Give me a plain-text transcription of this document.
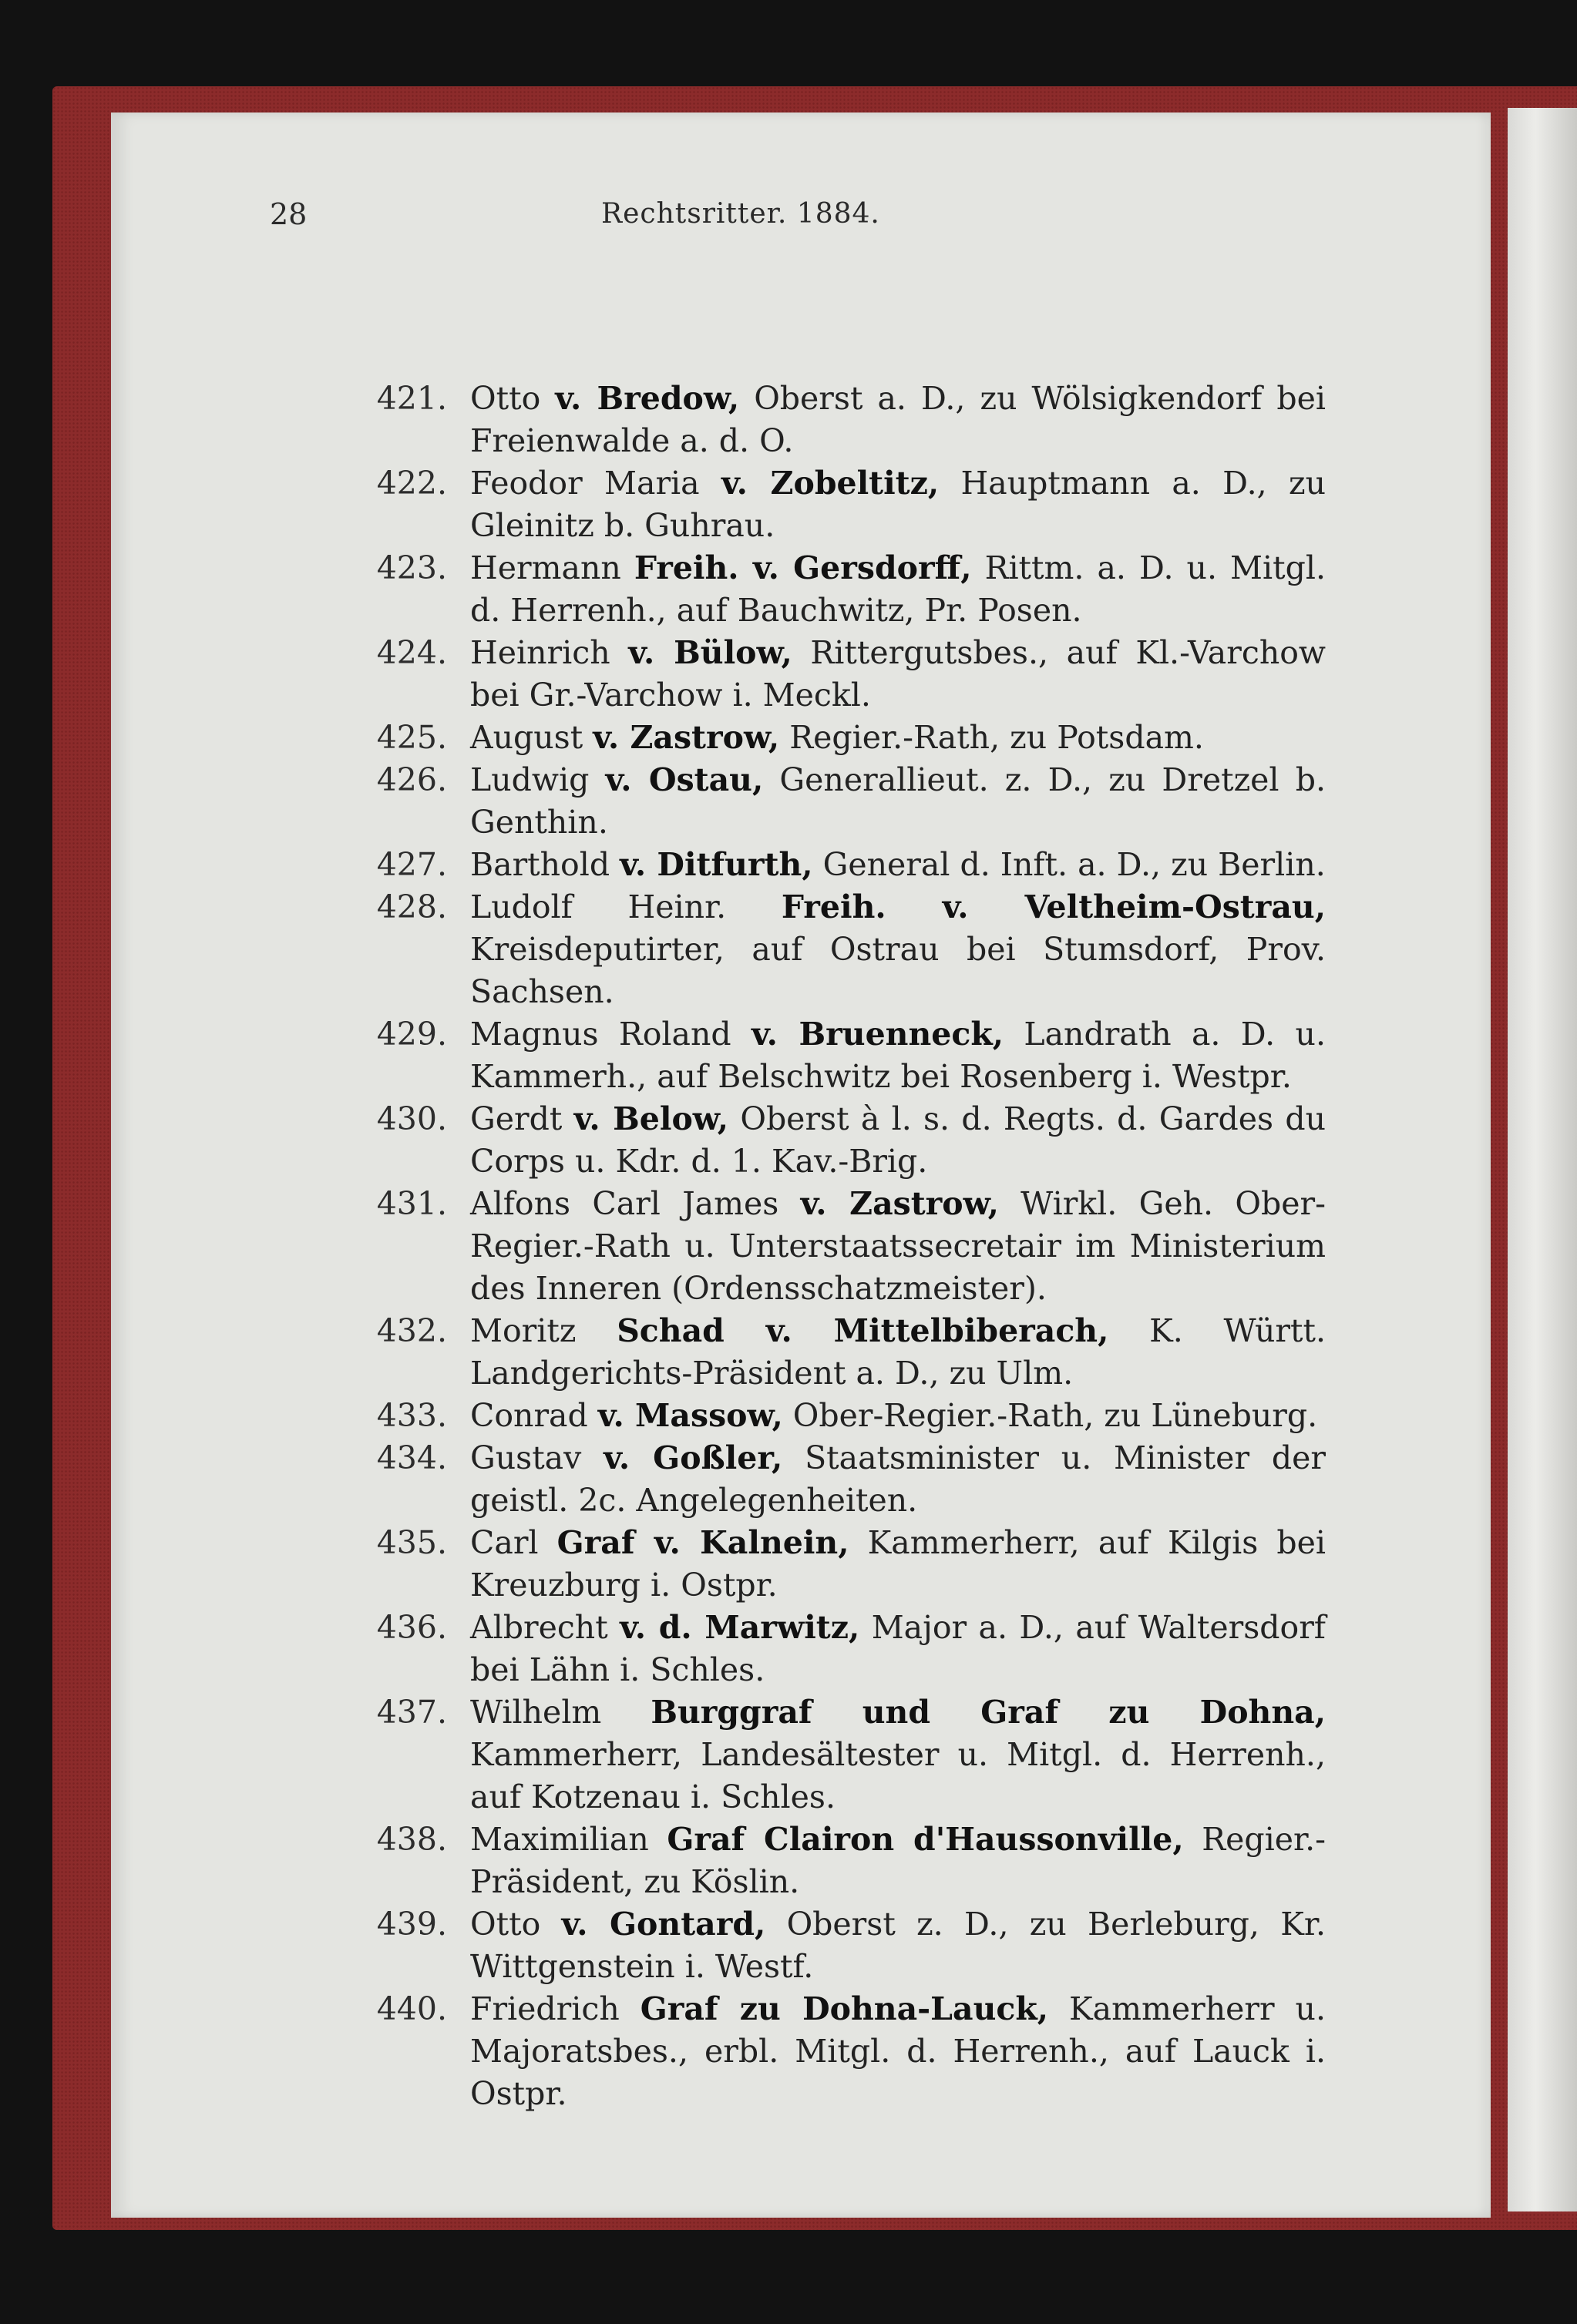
28	Rechtsritter. 1884.
421. Otto v. Bredow, Oberst a. D., zu Wölsigkendorf bei Freienwalde a. d. O.
422. Feodor Maria v. Zobeltitz, Hauptmann a. D., zu Gleinitz b. Guhrau.
423. Hermann Freih. v. Gersdorff, Rittm. a. D. u. Mitgl. d. Herrenh., auf Bauchwitz, Pr. Posen.
424. Heinrich v. Bülow, Rittergutsbes., auf Kl.-Varchow bei Gr.-Varchow i. Meckl.
425. August v. Zastrow, Regier.-Rath, zu Potsdam.
426. Ludwig v. Ostau, Generallieut. z. D., zu Dretzel b. Genthin.
427. Barthold v. Ditfurth, General d. Inft. a. D., zu Berlin.
428. Ludolf Heinr. Freih. v. Veltheim-Ostrau, Kreisdeputirter, auf Ostrau bei Stumsdorf, Prov. Sachsen.
429. Magnus Roland v. Bruenneck, Landrath a. D. u. Kammerh., auf Belschwitz bei Rosenberg i. Westpr.
430. Gerdt v. Below, Oberst à l. s. d. Regts. d. Gardes du Corps u. Kdr. d. 1. Kav.-Brig.
431. Alfons Carl James v. Zastrow, Wirkl. Geh. Ober-Regier.-Rath u. Unterstaatssecretair im Ministerium des Inneren (Ordensschatzmeister).
432. Moritz Schad v. Mittelbiberach, K. Württ. Landgerichts-Präsident a. D., zu Ulm.
433. Conrad v. Massow, Ober-Regier.-Rath, zu Lüneburg.
434. Gustav v. Goßler, Staatsminister u. Minister der geistl. 2c. Angelegenheiten.
435. Carl Graf v. Kalnein, Kammerherr, auf Kilgis bei Kreuzburg i. Ostpr.
436. Albrecht v. d. Marwitz, Major a. D., auf Waltersdorf bei Lähn i. Schles.
437. Wilhelm Burggraf und Graf zu Dohna, Kammerherr, Landesältester u. Mitgl. d. Herrenh., auf Kotzenau i. Schles.
438. Maximilian Graf Clairon d'Haussonville, Regier.-Präsident, zu Köslin.
439. Otto v. Gontard, Oberst z. D., zu Berleburg, Kr. Wittgenstein i. Westf.
440. Friedrich Graf zu Dohna-Lauck, Kammerherr u. Majoratsbes., erbl. Mitgl. d. Herrenh., auf Lauck i. Ostpr.
